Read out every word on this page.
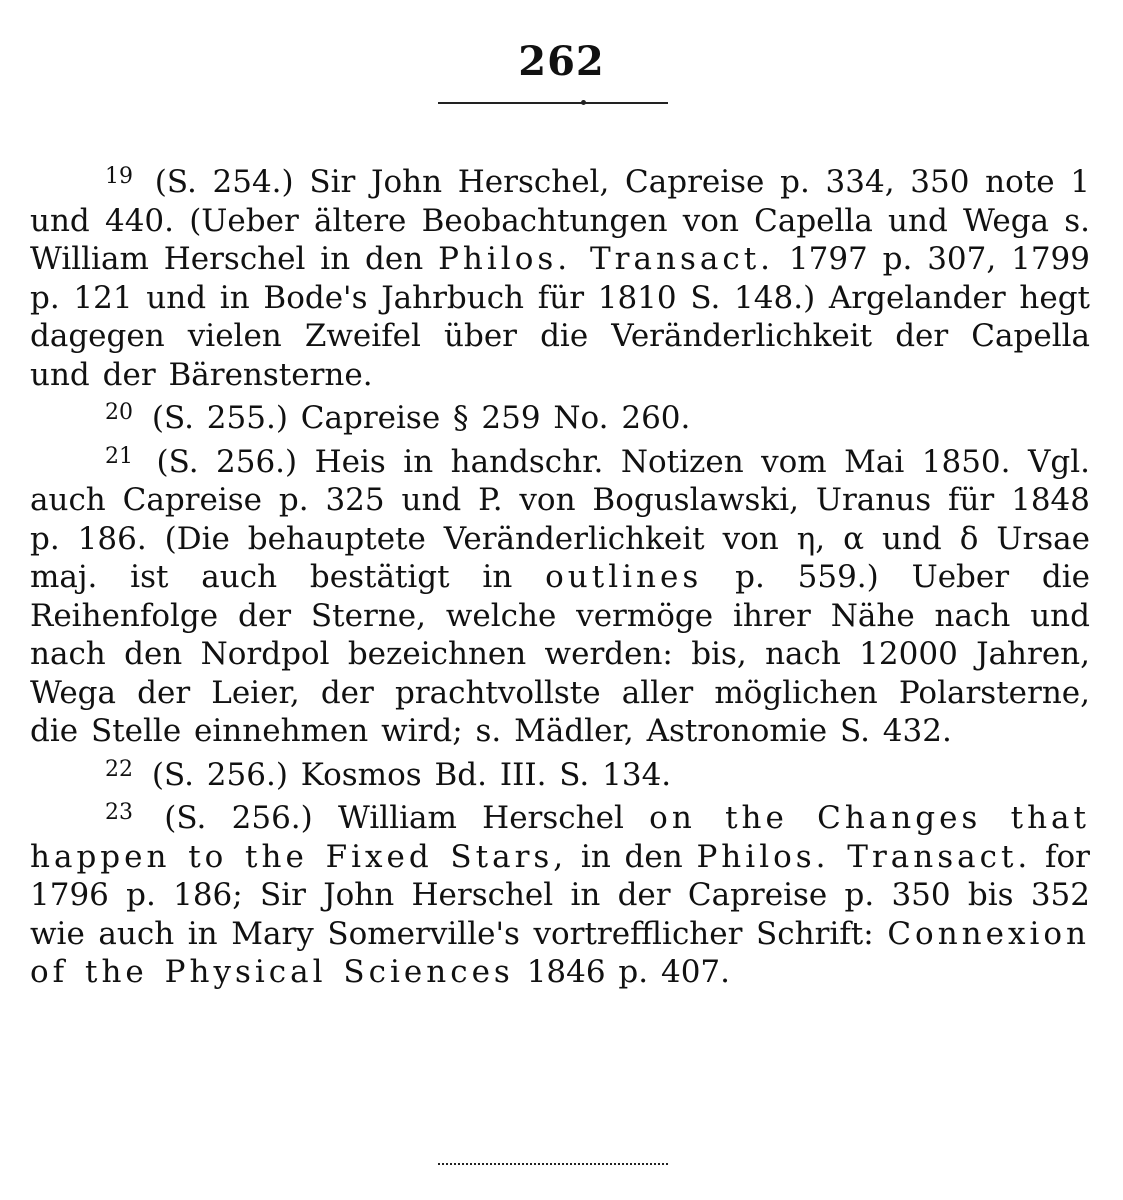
262

$^{19}$ (S. 254.) Sir John Herschel, Capreise p. 334, 350 note 1 und 440. (Ueber ältere Beobachtungen von Capella und Wega s. William Herschel in den Philos. Transact. 1797 p. 307, 1799 p. 121 und in Bode's Jahrbuch für 1810 S. 148.) Argelander hegt dagegen vielen Zweifel über die Veränderlichkeit der Capella und der Bärensterne.

$^{20}$ (S. 255.) Capreise § 259 No. 260.

$^{21}$ (S. 256.) Heis in handschr. Notizen vom Mai 1850. Vgl. auch Capreise p. 325 und P. von Boguslawski, Uranus für 1848 p. 186. (Die behauptete Veränderlichkeit von η, α und δ Ursae maj. ist auch bestätigt in outlines p. 559.) Ueber die Reihenfolge der Sterne, welche vermöge ihrer Nähe nach und nach den Nordpol bezeichnen werden: bis, nach 12000 Jahren, Wega der Leier, der prachtvollste aller möglichen Polarsterne, die Stelle einnehmen wird; s. Mädler, Astronomie S. 432.

$^{22}$ (S. 256.) Kosmos Bd. III. S. 134.

$^{23}$ (S. 256.) William Herschel on the Changes that happen to the Fixed Stars, in den Philos. Transact. for 1796 p. 186; Sir John Herschel in der Capreise p. 350 bis 352 wie auch in Mary Somerville's vortrefflicher Schrift: Connexion of the Physical Sciences 1846 p. 407.
